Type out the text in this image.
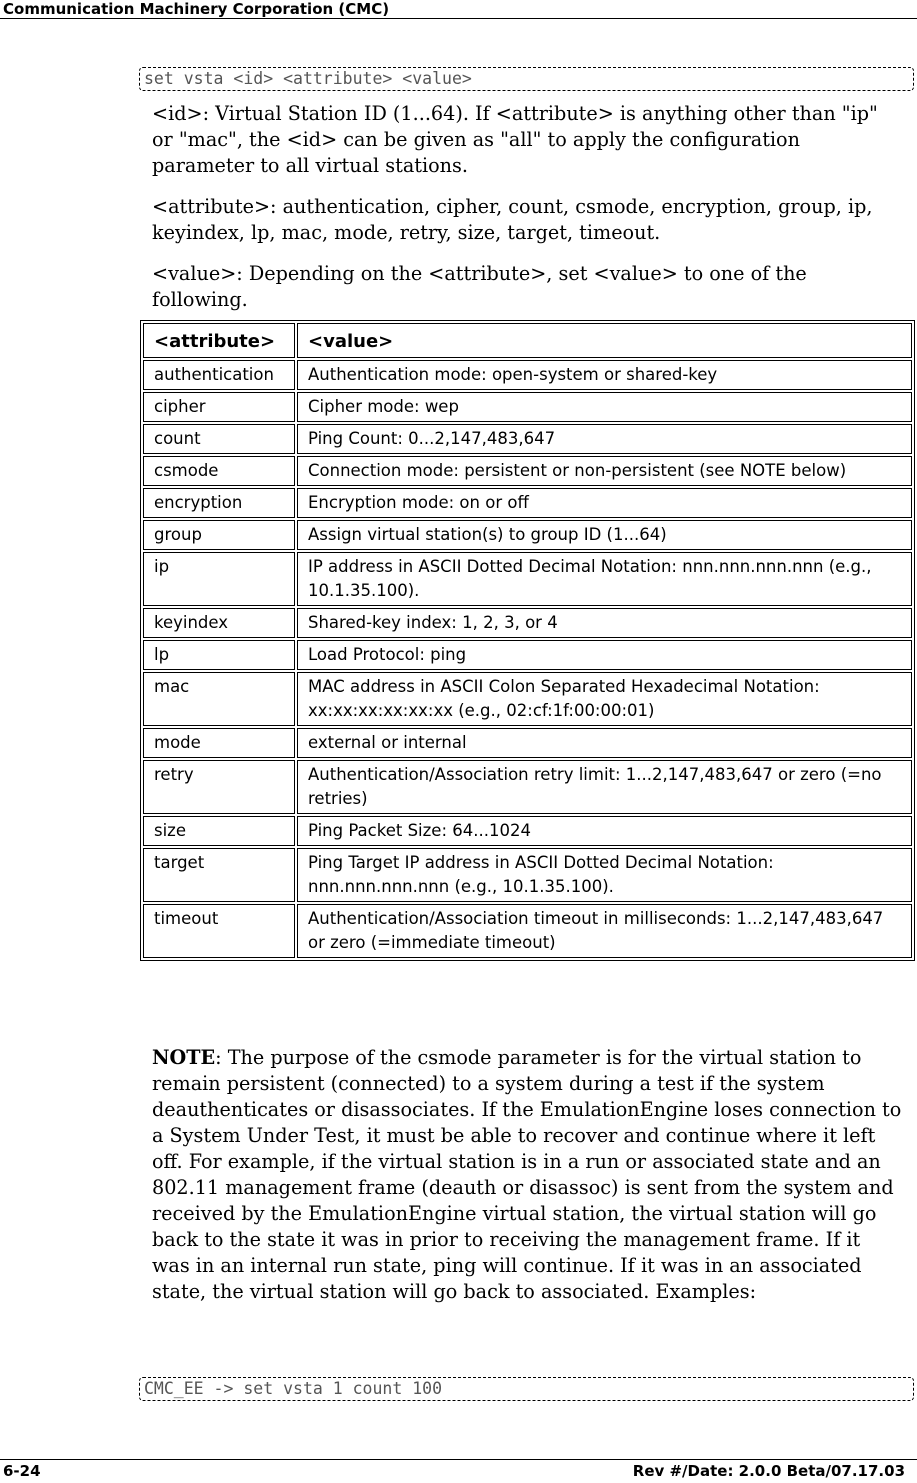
Communication Machinery Corporation (CMC)
set vsta <id> <attribute> <value>
<id>: Virtual Station ID (1...64). If <attribute> is anything other than "ip" or "mac", the <id> can be given as "all" to apply the configuration parameter to all virtual stations.
<attribute>: authentication, cipher, count, csmode, encryption, group, ip, keyindex, lp, mac, mode, retry, size, target, timeout.
<value>: Depending on the <attribute>, set <value> to one of the following.
<attribute>	<value>
authentication	Authentication mode: open-system or shared-key
cipher	Cipher mode: wep
count	Ping Count: 0...2,147,483,647
csmode	Connection mode: persistent or non-persistent (see NOTE below)
encryption	Encryption mode: on or off
group	Assign virtual station(s) to group ID (1...64)
ip	IP address in ASCII Dotted Decimal Notation: nnn.nnn.nnn.nnn (e.g., 10.1.35.100).
keyindex	Shared-key index: 1, 2, 3, or 4
lp	Load Protocol: ping
mac	MAC address in ASCII Colon Separated Hexadecimal Notation: xx:xx:xx:xx:xx:xx (e.g., 02:cf:1f:00:00:01)
mode	external or internal
retry	Authentication/Association retry limit: 1...2,147,483,647 or zero (=no retries)
size	Ping Packet Size: 64...1024
target	Ping Target IP address in ASCII Dotted Decimal Notation: nnn.nnn.nnn.nnn (e.g., 10.1.35.100).
timeout	Authentication/Association timeout in milliseconds: 1...2,147,483,647 or zero (=immediate timeout)
NOTE: The purpose of the csmode parameter is for the virtual station to remain persistent (connected) to a system during a test if the system deauthenticates or disassociates. If the EmulationEngine loses connection to a System Under Test, it must be able to recover and continue where it left off. For example, if the virtual station is in a run or associated state and an 802.11 management frame (deauth or disassoc) is sent from the system and received by the EmulationEngine virtual station, the virtual station will go back to the state it was in prior to receiving the management frame. If it was in an internal run state, ping will continue. If it was in an associated state, the virtual station will go back to associated. Examples:
CMC_EE -> set vsta 1 count 100
6-24	Rev #/Date: 2.0.0 Beta/07.17.03
